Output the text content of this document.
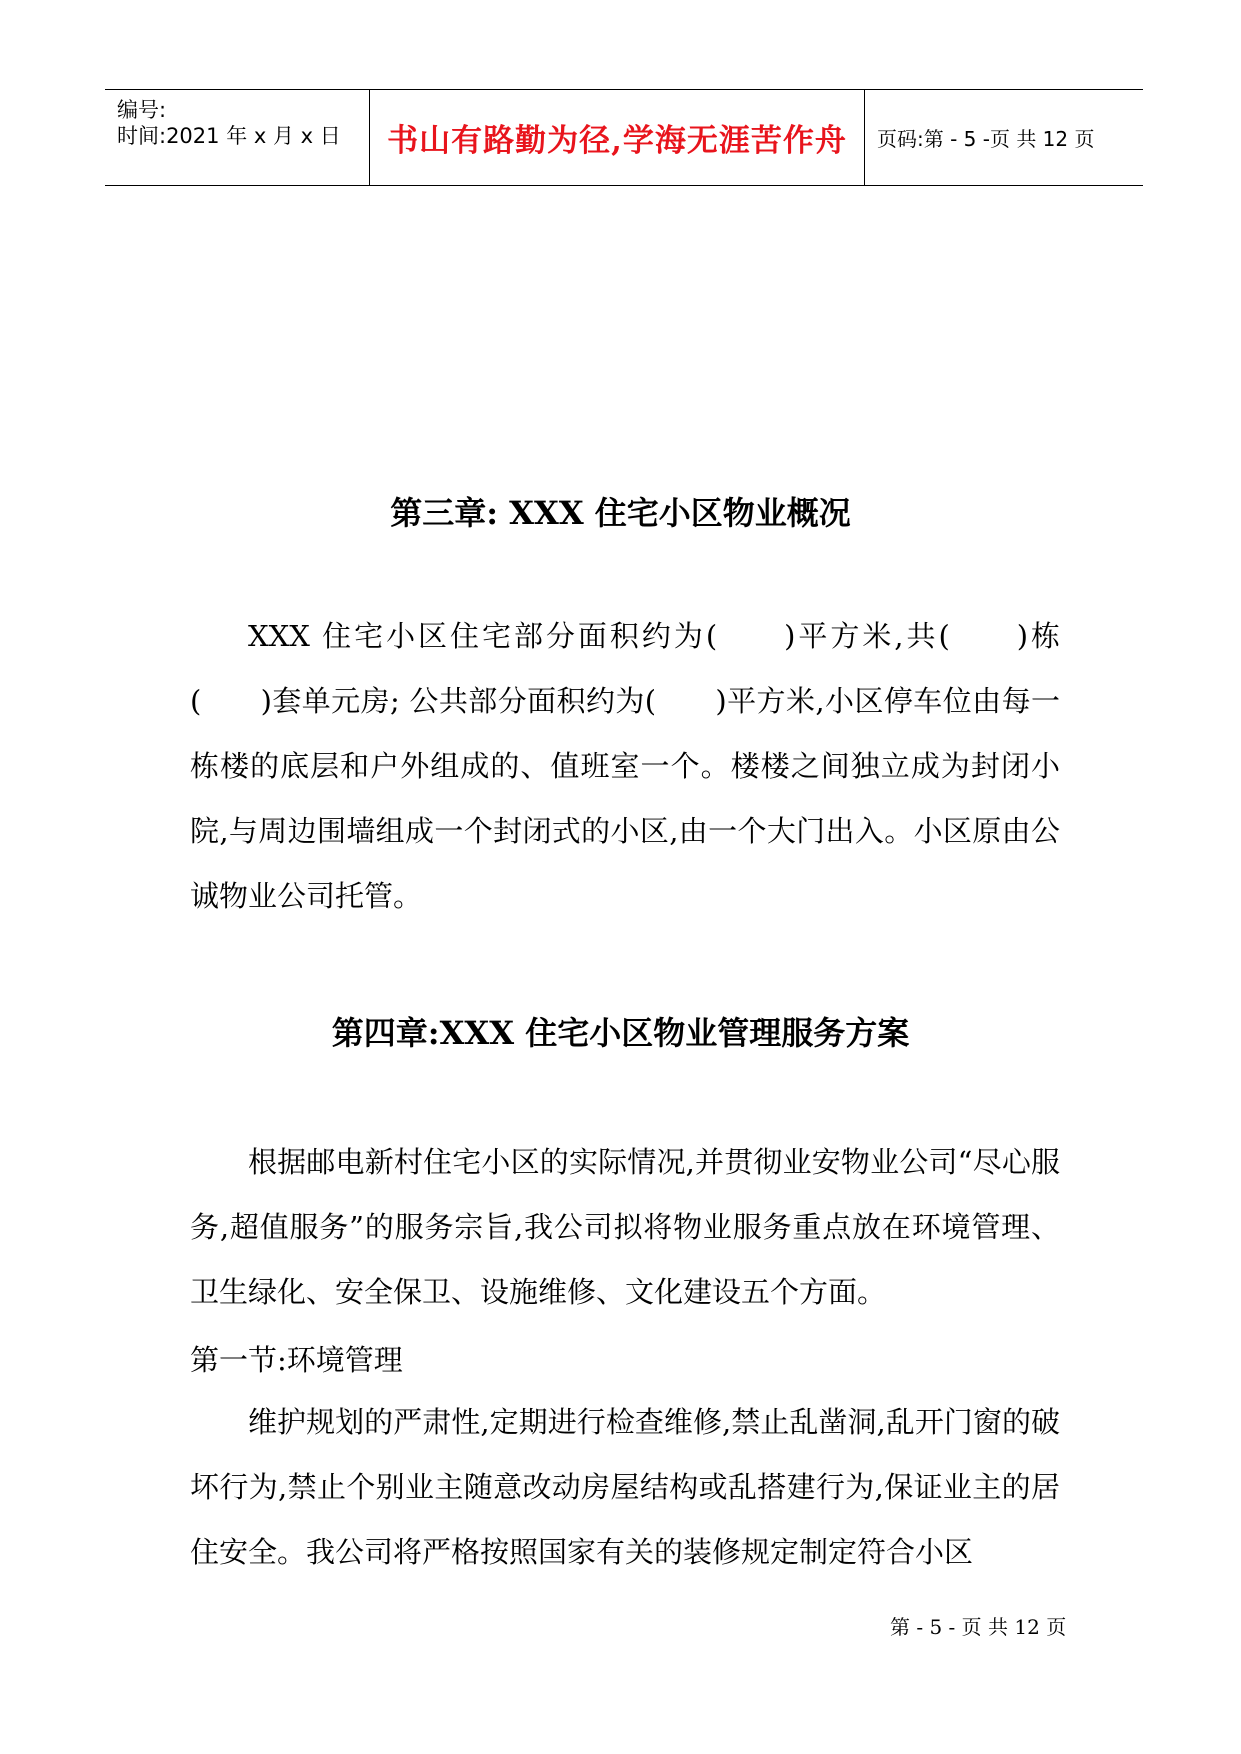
编号:
时间:2021 年 x 月 x 日 书山有路勤为径,学海无涯苦作舟 页码:第 - 5 -页 共 12 页
第三章: XXX 住宅小区物业概况

XXX 住宅小区住宅部分面积约为(　　)平方米,共(　　)栋(　　)套单元房; 公共部分面积约为(　　)平方米,小区停车位由每一栋楼的底层和户外组成的、值班室一个。楼楼之间独立成为封闭小院,与周边围墙组成一个封闭式的小区,由一个大门出入。小区原由公诚物业公司托管。

第四章:XXX 住宅小区物业管理服务方案

根据邮电新村住宅小区的实际情况,并贯彻业安物业公司“尽心服务,超值服务”的服务宗旨,我公司拟将物业服务重点放在环境管理、卫生绿化、安全保卫、设施维修、文化建设五个方面。

第一节:环境管理

维护规划的严肃性,定期进行检查维修,禁止乱凿洞,乱开门窗的破坏行为,禁止个别业主随意改动房屋结构或乱搭建行为,保证业主的居住安全。我公司将严格按照国家有关的装修规定制定符合小区

第 - 5 - 页 共 12 页
